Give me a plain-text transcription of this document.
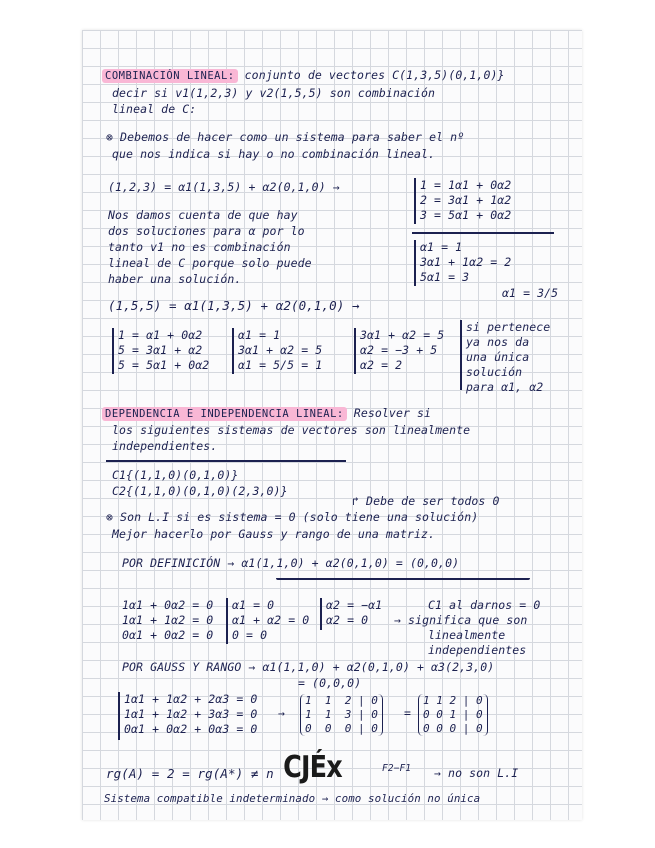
COMBINACIÓN LINEAL: conjunto de vectores C(1,3,5)(0,1,0)}
decir si v1(1,2,3) y v2(1,5,5) son combinación
lineal de C:
⊗ Debemos de hacer como un sistema para saber el nº
que nos indica si hay o no combinación lineal.
(1,2,3) = α1(1,3,5) + α2(0,1,0) →	1 = 1α1 + 0α2
2 = 3α1 + 1α2
3 = 5α1 + 0α2
Nos damos cuenta de que hay
dos soluciones para α por lo
tanto v1 no es combinación
lineal de C porque solo puede
haber una solución.
α1 = 1
3α1 + 1α2 = 2
5α1 = 3
α1 = 3/5
(1,5,5) = α1(1,3,5) + α2(0,1,0) →
1 = α1 + 0α2
5 = 3α1 + α2
5 = 5α1 + 0α2
α1 = 1
3α1 + α2 = 5
α1 = 5/5 = 1
3α1 + α2 = 5
α2 = −3 + 5
α2 = 2
si pertenece
ya nos da
una única
solución
para α1, α2
DEPENDENCIA E INDEPENDENCIA LINEAL: Resolver si
los siguientes sistemas de vectores son linealmente
independientes.
C1{(1,1,0)(0,1,0)}
C2{(1,1,0)(0,1,0)(2,3,0)}
↱ Debe de ser todos 0
⊗ Son L.I si es sistema = 0 (solo tiene una solución)
Mejor hacerlo por Gauss y rango de una matriz.
POR DEFINICIÓN → α1(1,1,0) + α2(0,1,0) = (0,0,0)
1α1 + 0α2 = 0
1α1 + 1α2 = 0
0α1 + 0α2 = 0
α1 = 0
α1 + α2 = 0
0 = 0
α2 = −α1
α2 = 0
C1 al darnos = 0
→ significa que son
linealmente
independientes
POR GAUSS Y RANGO → α1(1,1,0) + α2(0,1,0) + α3(2,3,0)
= (0,0,0)
1α1 + 1α2 + 2α3 = 0
1α1 + 1α2 + 3α3 = 0
0α1 + 0α2 + 0α3 = 0
→
1  1  2 | 0
1  1  3 | 0
0  0  0 | 0
=
1 1 2 | 0
0 0 1 | 0
0 0 0 | 0
rg(A) = 2 = rg(A*) ≠ n CJÉx	F2−F1 → no son L.I
Sistema compatible indeterminado → como solución no única
